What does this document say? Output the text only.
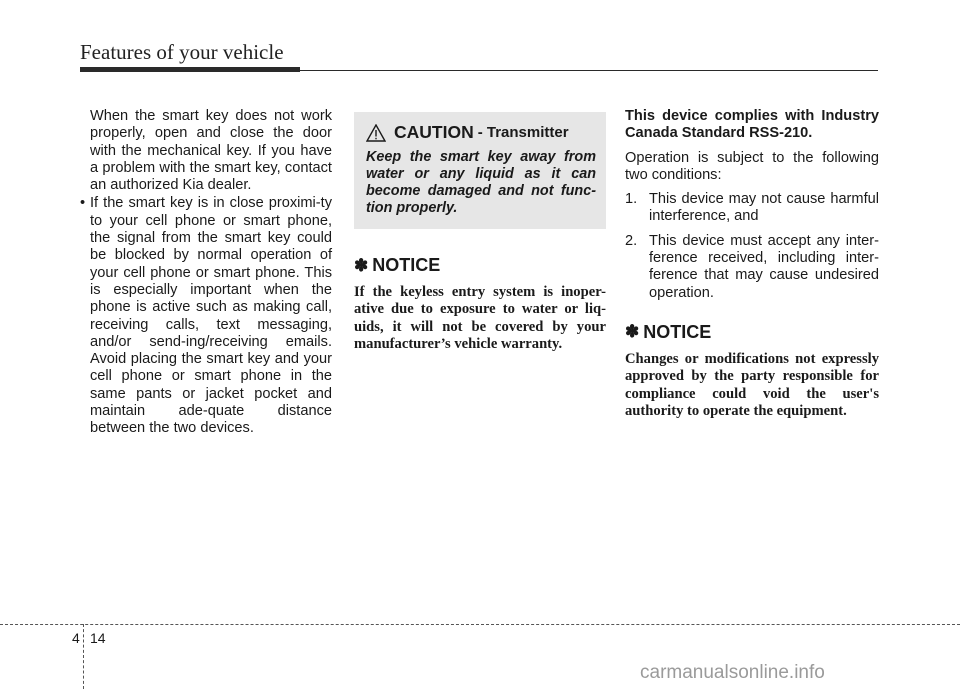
Features of your vehicle

When the smart key does not work properly, open and close the door with the mechanical key. If you have a problem with the smart key, contact an authorized Kia dealer.

• If the smart key is in close proximi-ty to your cell phone or smart phone, the signal from the smart key could be blocked by normal operation of your cell phone or smart phone. This is especially important when the phone is active such as making call, receiving calls, text messaging, and/or send-ing/receiving emails. Avoid placing the smart key and your cell phone or smart phone in the same pants or jacket pocket and maintain ade-quate distance between the two devices.
CAUTION - Transmitter

Keep the smart key away from water or any liquid as it can become damaged and not func-tion properly.

✽ NOTICE

If the keyless entry system is inoper-ative due to exposure to water or liq-uids, it will not be covered by your manufacturer’s vehicle warranty.

This device complies with Industry Canada Standard RSS-210.

Operation is subject to the following two conditions:

1. This device may not cause harmful interference, and
2. This device must accept any inter-ference received, including inter-ference that may cause undesired operation.
✽ NOTICE

Changes or modifications not expressly approved by the party responsible for compliance could void the user's authority to operate the equipment.

4 14
carmanualsonline.info
